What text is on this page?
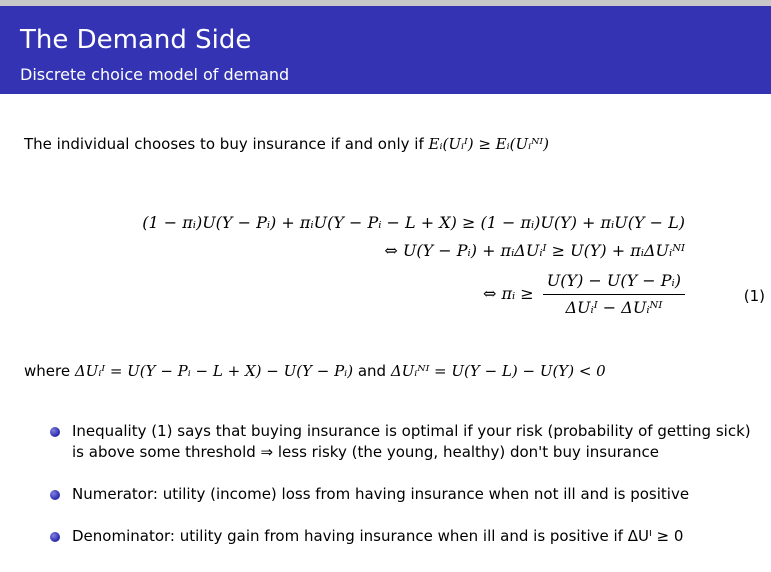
The Demand Side
Discrete choice model of demand
The individual chooses to buy insurance if and only if Eᵢ(Uᵢᴵ) ≥ Eᵢ(Uᵢᴺᴵ)
(1 − πᵢ)U(Y − Pᵢ) + πᵢU(Y − Pᵢ − L + X) ≥ (1 − πᵢ)U(Y) + πᵢU(Y − L)
⇔ U(Y − Pᵢ) + πᵢΔUᵢᴵ ≥ U(Y) + πᵢΔUᵢᴺᴵ
⇔ πᵢ ≥ $\frac{\text{U(Y) − U(Y − Pᵢ)}}{\text{ΔUᵢᴵ − ΔUᵢᴺᴵ}}$	(1)
where ΔUᵢᴵ = U(Y − Pᵢ − L + X) − U(Y − Pᵢ) and ΔUᵢᴺᴵ = U(Y − L) − U(Y) < 0
Inequality (1) says that buying insurance is optimal if your risk (probability of getting sick)
is above some threshold ⇒ less risky (the young, healthy) don't buy insurance
Numerator: utility (income) loss from having insurance when not ill and is positive
Denominator: utility gain from having insurance when ill and is positive if ΔUᴵ ≥ 0
